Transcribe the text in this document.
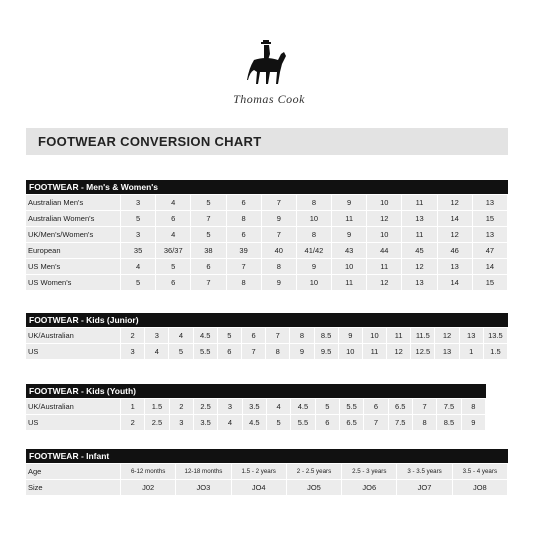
Thomas Cook
FOOTWEAR CONVERSION CHART
FOOTWEAR - Men's & Women's
Australian Men's	3	4	5	6	7	8	9	10	11	12	13
Australian Women's	5	6	7	8	9	10	11	12	13	14	15
UK/Men's/Women's	3	4	5	6	7	8	9	10	11	12	13
European	35	36/37	38	39	40	41/42	43	44	45	46	47
US Men's	4	5	6	7	8	9	10	11	12	13	14
US Women's	5	6	7	8	9	10	11	12	13	14	15
FOOTWEAR - Kids (Junior)
UK/Australian	2	3	4	4.5	5	6	7	8	8.5	9	10	11	11.5	12	13	13.5
US	3	4	5	5.5	6	7	8	9	9.5	10	11	12	12.5	13	1	1.5
FOOTWEAR - Kids (Youth)
UK/Australian	1	1.5	2	2.5	3	3.5	4	4.5	5	5.5	6	6.5	7	7.5	8
US	2	2.5	3	3.5	4	4.5	5	5.5	6	6.5	7	7.5	8	8.5	9
FOOTWEAR - Infant
Age	6-12 months	12-18 months	1.5 - 2 years	2 - 2.5 years	2.5 - 3 years	3 - 3.5 years	3.5 - 4 years
Size	J02	JO3	JO4	JO5	JO6	JO7	JO8
